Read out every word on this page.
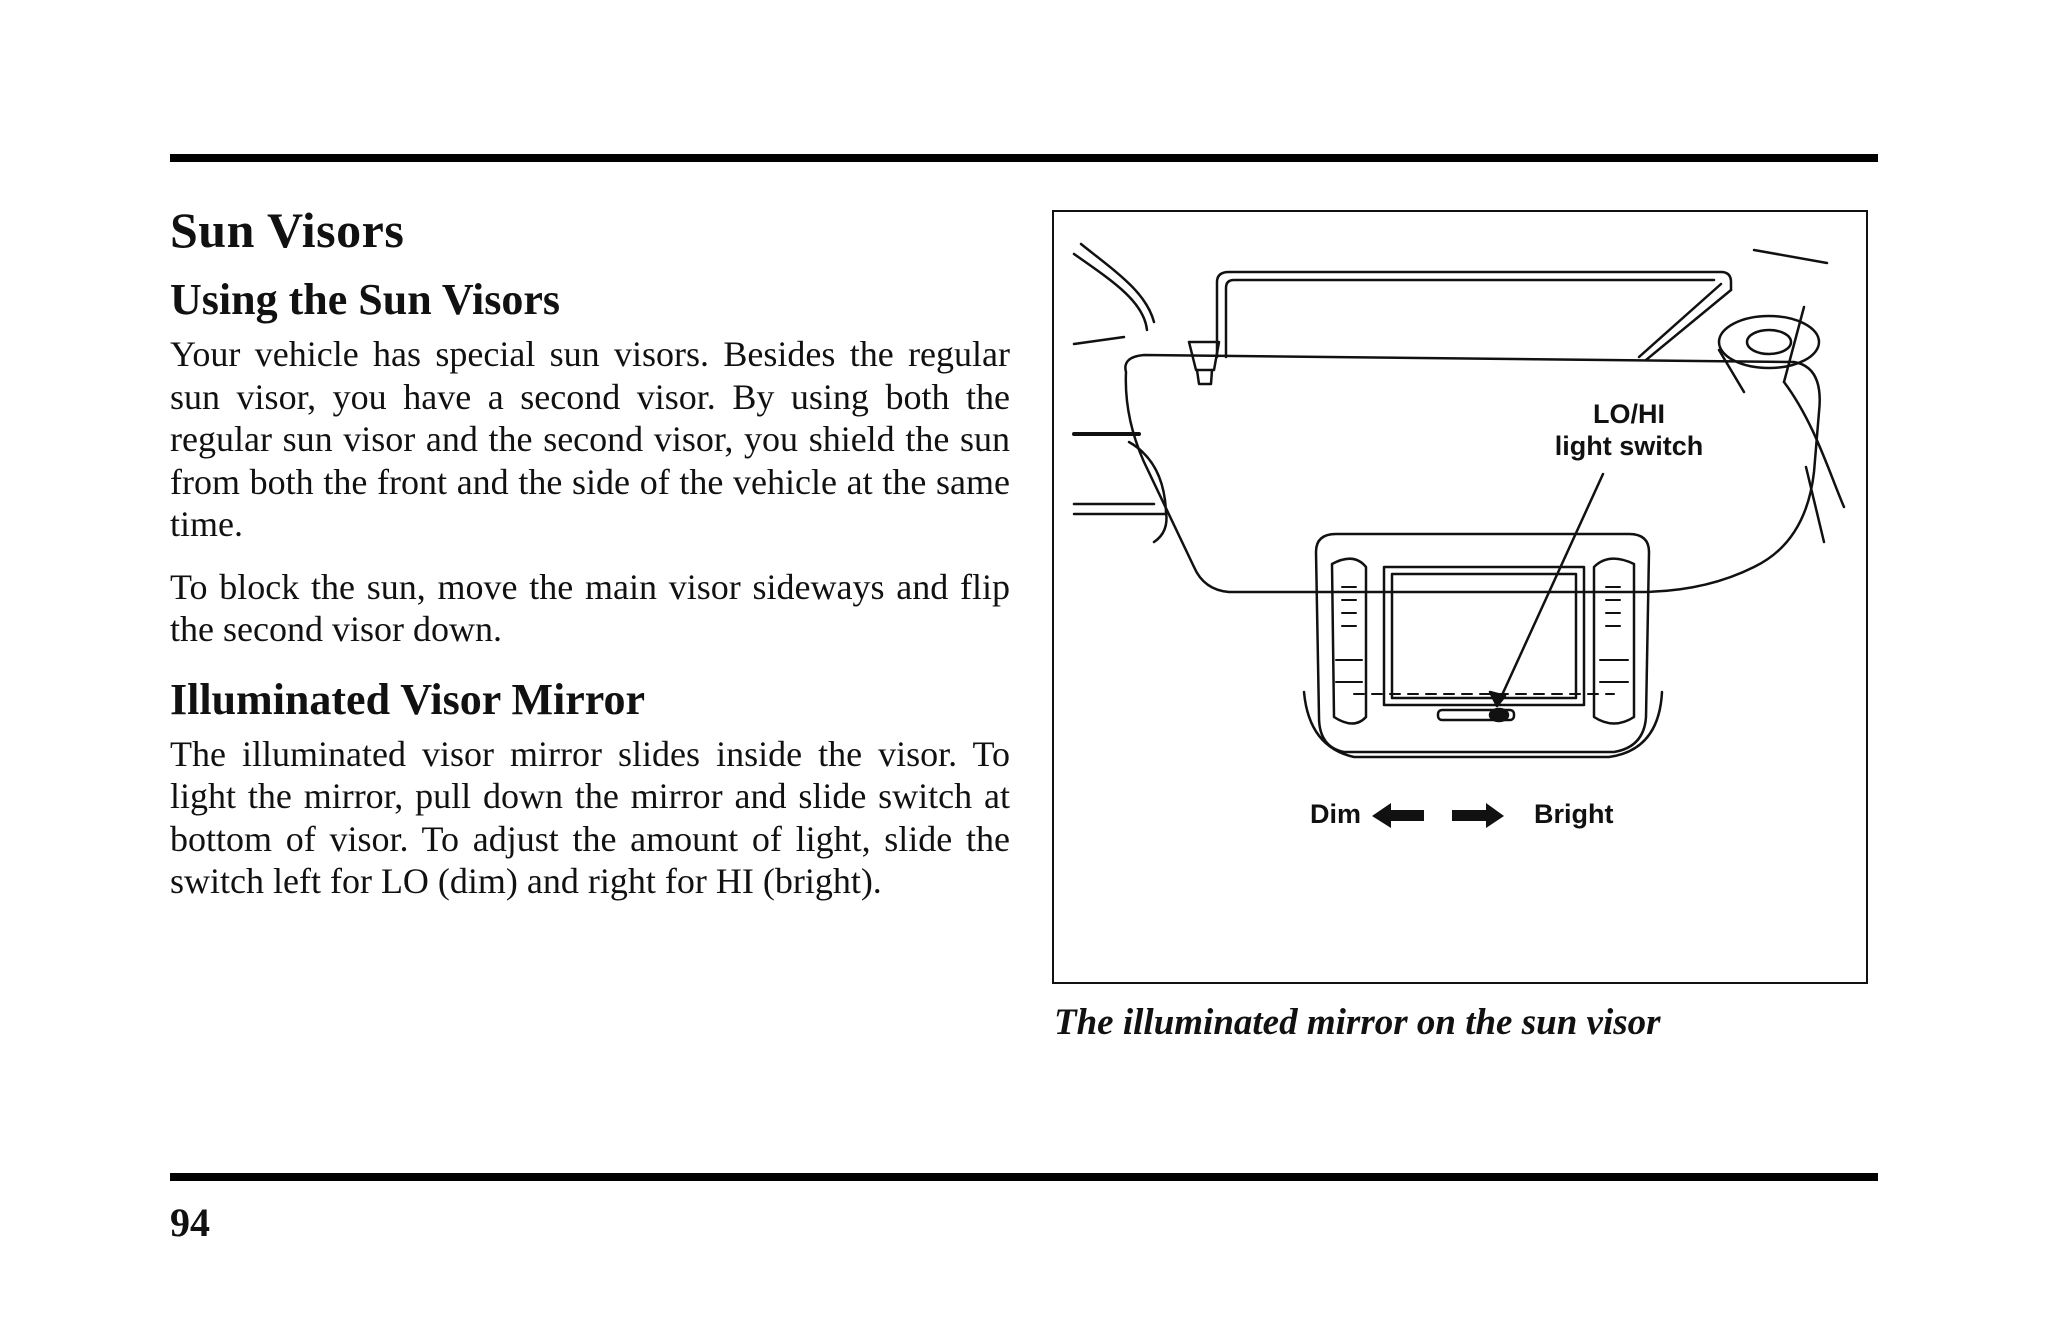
Sun Visors
Using the Sun Visors

Your vehicle has special sun visors. Besides the regular sun visor, you have a second visor. By using both the regular sun visor and the second visor, you shield the sun from both the front and the side of the vehicle at the same time.

To block the sun, move the main visor sideways and flip the second visor down.

Illuminated Visor Mirror

The illuminated visor mirror slides inside the visor. To light the mirror, pull down the mirror and slide switch at bottom of visor. To adjust the amount of light, slide the switch left for LO (dim) and right for HI (bright).

LO/HI
light switch
Dim	Bright
The illuminated mirror on the sun visor
94
